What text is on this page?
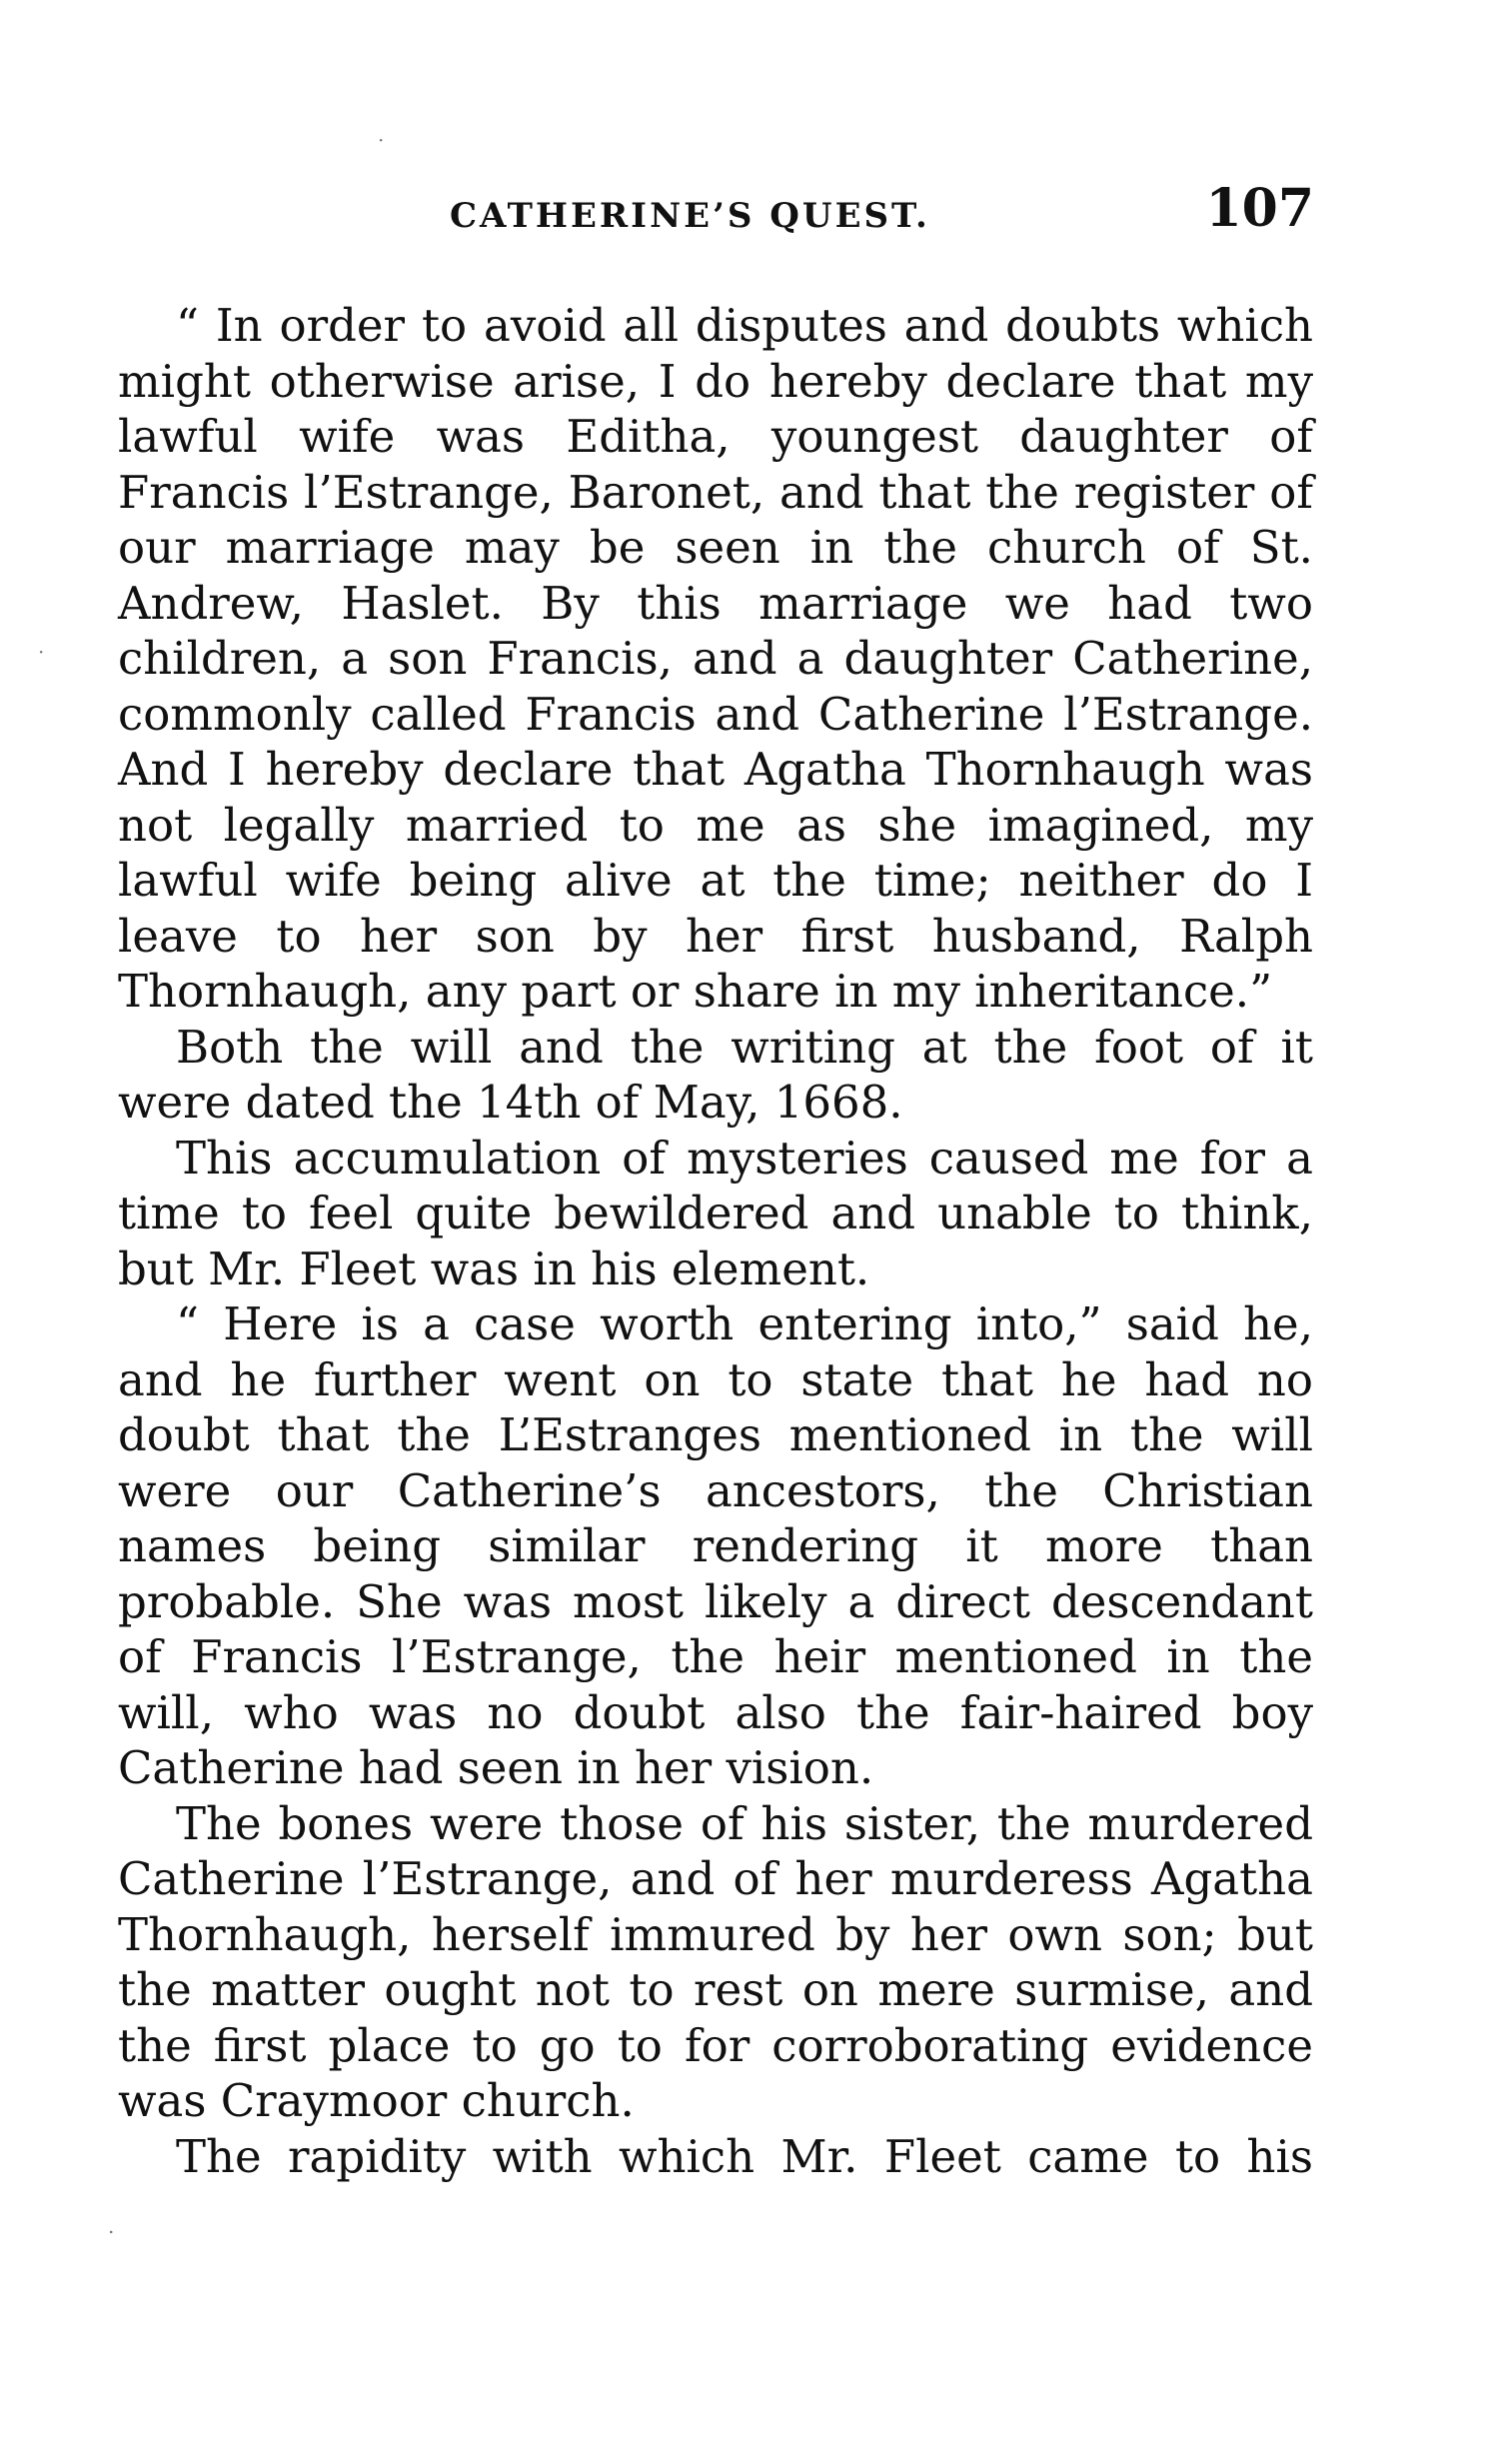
CATHERINE’S QUEST.	107

“ In order to avoid all disputes and doubts which might otherwise arise, I do hereby declare that my lawful wife was Editha, youngest daughter of Francis l’Estrange, Baronet, and that the register of our marriage may be seen in the church of St. Andrew, Haslet. By this marriage we had two children, a son Francis, and a daughter Catherine, commonly called Francis and Catherine l’Estrange. And I hereby declare that Agatha Thornhaugh was not legally married to me as she imagined, my lawful wife being alive at the time; neither do I leave to her son by her first husband, Ralph Thornhaugh, any part or share in my inheritance.”

Both the will and the writing at the foot of it were dated the 14th of May, 1668.

This accumulation of mysteries caused me for a time to feel quite bewildered and unable to think, but Mr. Fleet was in his element.

“ Here is a case worth entering into,” said he, and he further went on to state that he had no doubt that the L’Estranges mentioned in the will were our Catherine’s ancestors, the Christian names being similar rendering it more than probable. She was most likely a direct descendant of Francis l’Estrange, the heir mentioned in the will, who was no doubt also the fair-haired boy Catherine had seen in her vision.

The bones were those of his sister, the murdered Catherine l’Estrange, and of her murderess Agatha Thornhaugh, herself immured by her own son; but the matter ought not to rest on mere surmise, and the first place to go to for corroborating evidence was Craymoor church.

The rapidity with which Mr. Fleet came to his

·
·
.
